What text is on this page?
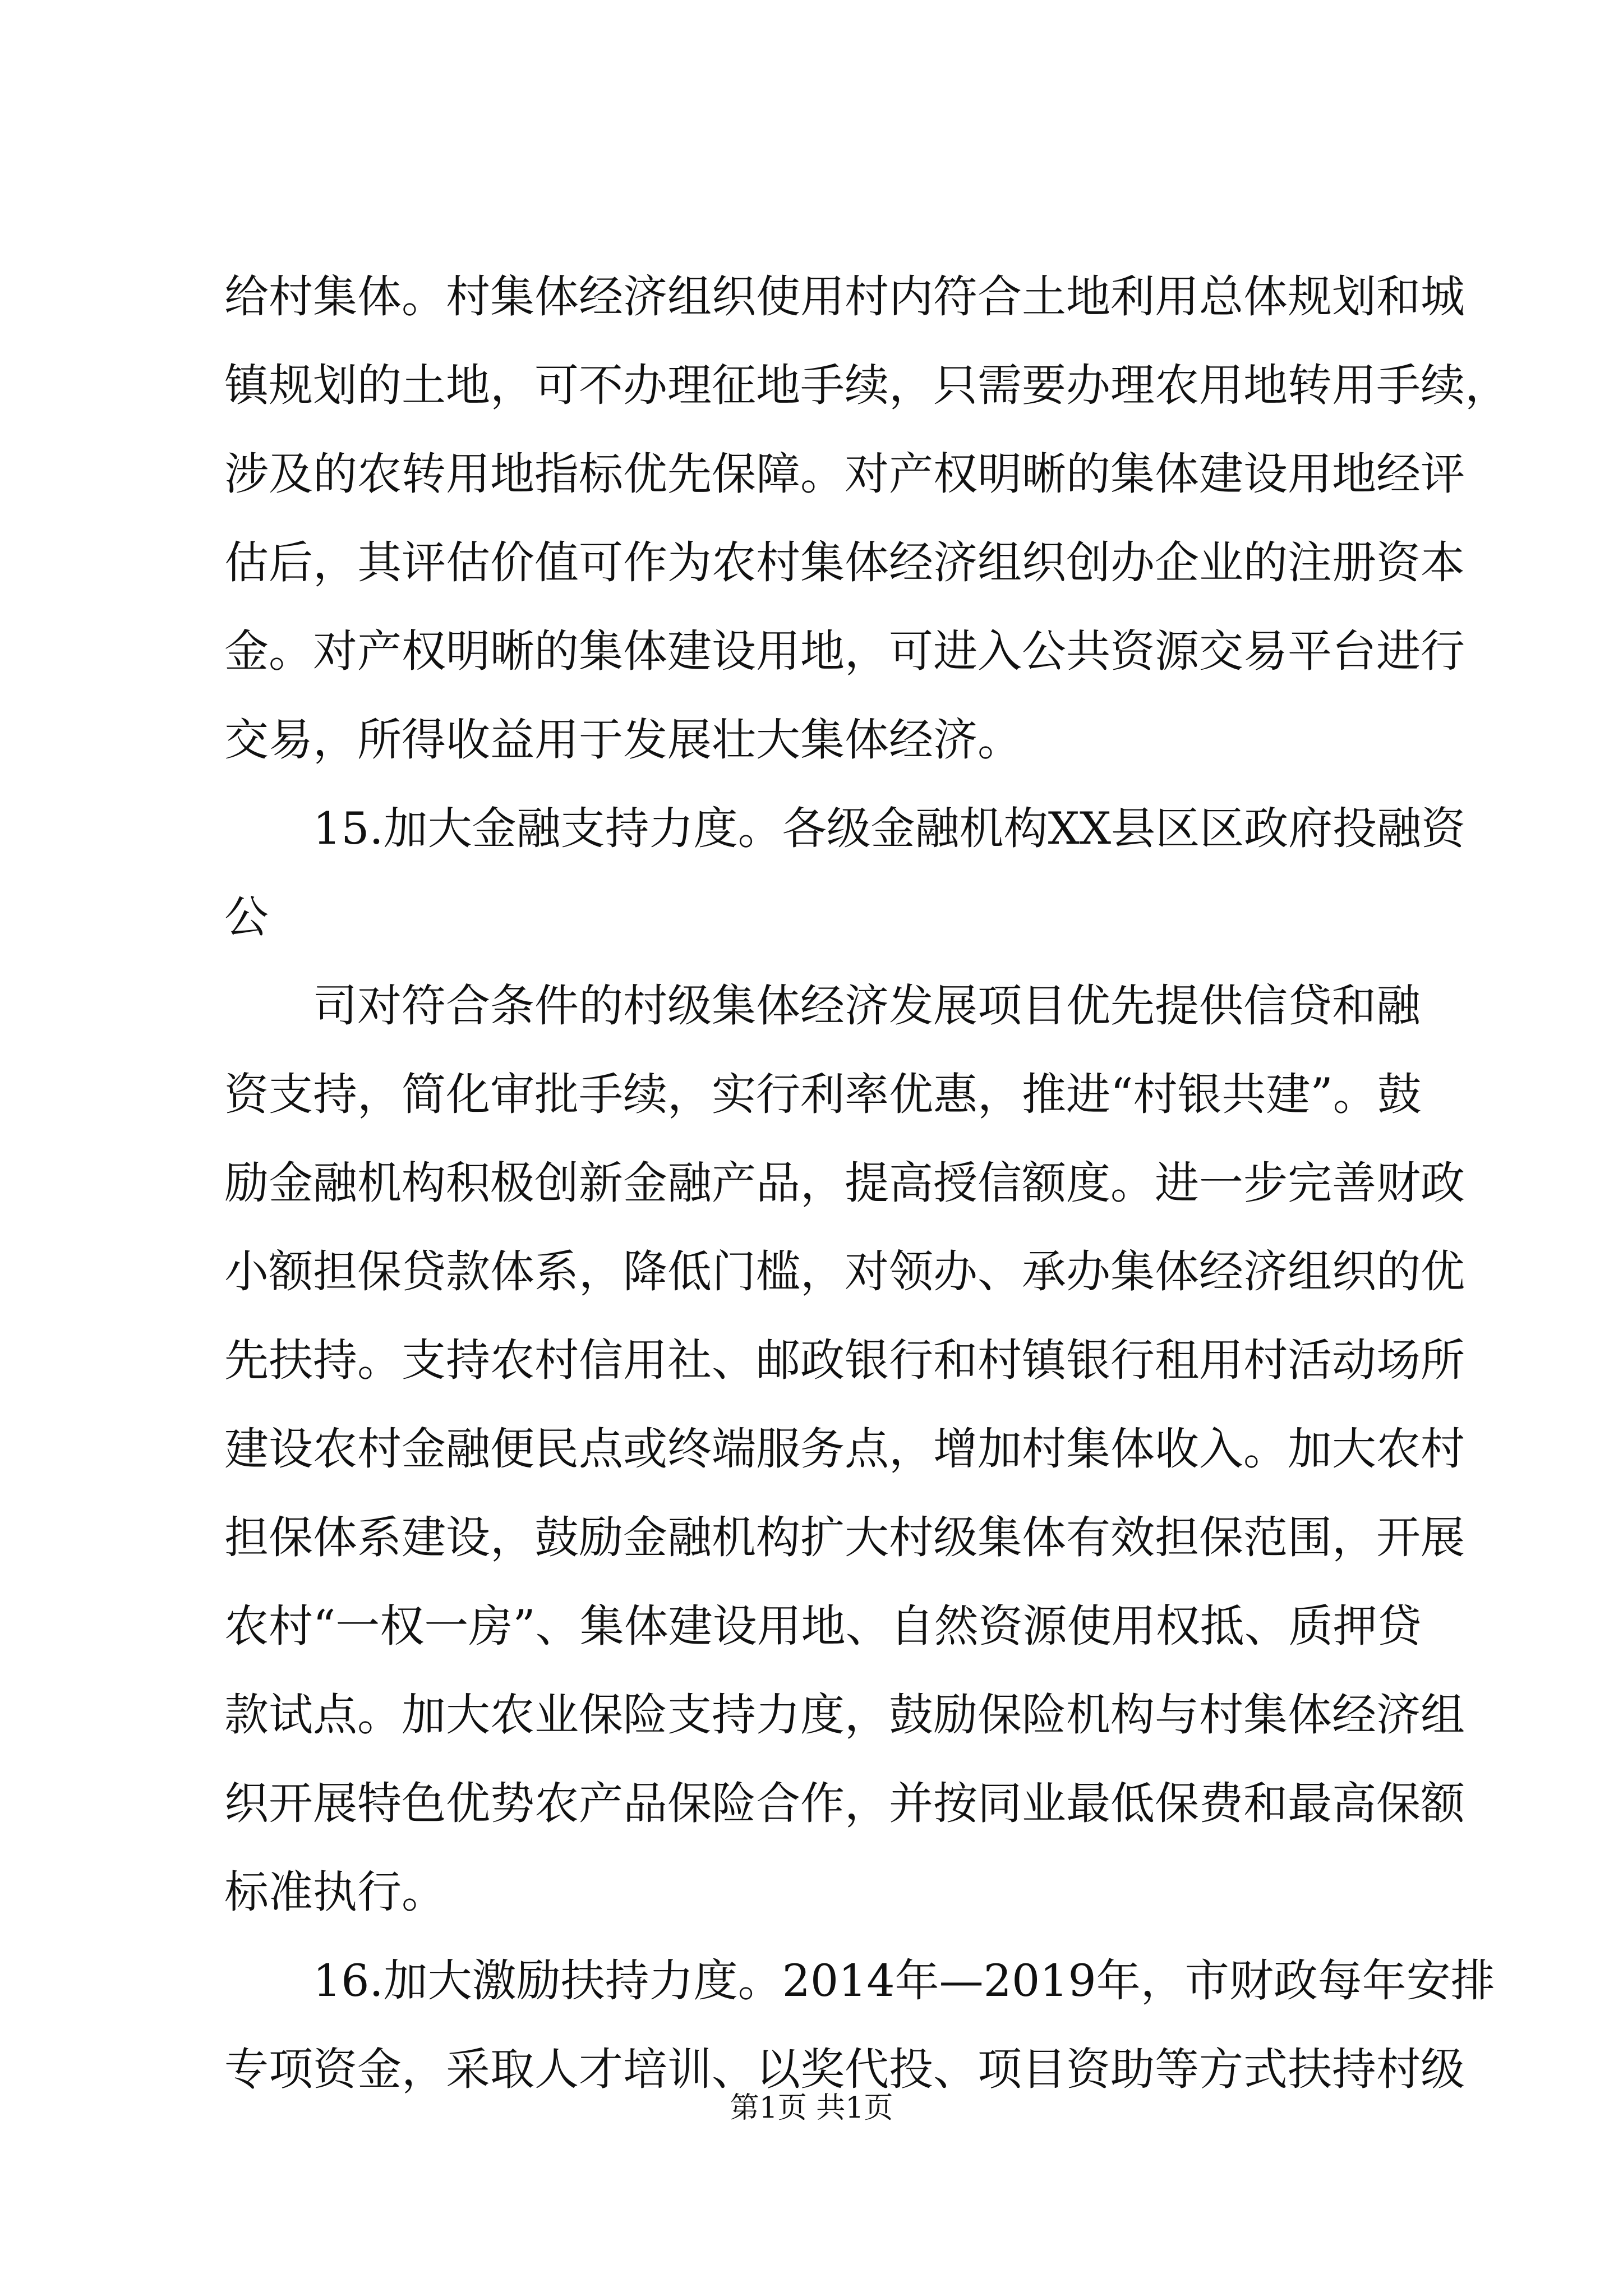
给村集体。村集体经济组织使用村内符合土地利用总体规划和城
镇规划的土地，可不办理征地手续，只需要办理农用地转用手续，
涉及的农转用地指标优先保障。对产权明晰的集体建设用地经评
估后，其评估价值可作为农村集体经济组织创办企业的注册资本
金。对产权明晰的集体建设用地，可进入公共资源交易平台进行
交易，所得收益用于发展壮大集体经济。
15.加大金融支持力度。各级金融机构XX县区区政府投融资
公
司对符合条件的村级集体经济发展项目优先提供信贷和融
资支持，简化审批手续，实行利率优惠，推进“村银共建”。鼓
励金融机构积极创新金融产品，提高授信额度。进一步完善财政
小额担保贷款体系，降低门槛，对领办、承办集体经济组织的优
先扶持。支持农村信用社、邮政银行和村镇银行租用村活动场所
建设农村金融便民点或终端服务点，增加村集体收入。加大农村
担保体系建设，鼓励金融机构扩大村级集体有效担保范围，开展
农村“一权一房”、集体建设用地、自然资源使用权抵、质押贷
款试点。加大农业保险支持力度，鼓励保险机构与村集体经济组
织开展特色优势农产品保险合作，并按同业最低保费和最高保额
标准执行。
16.加大激励扶持力度。2014年—2019年，市财政每年安排
专项资金，采取人才培训、以奖代投、项目资助等方式扶持村级
第1页 共1页
